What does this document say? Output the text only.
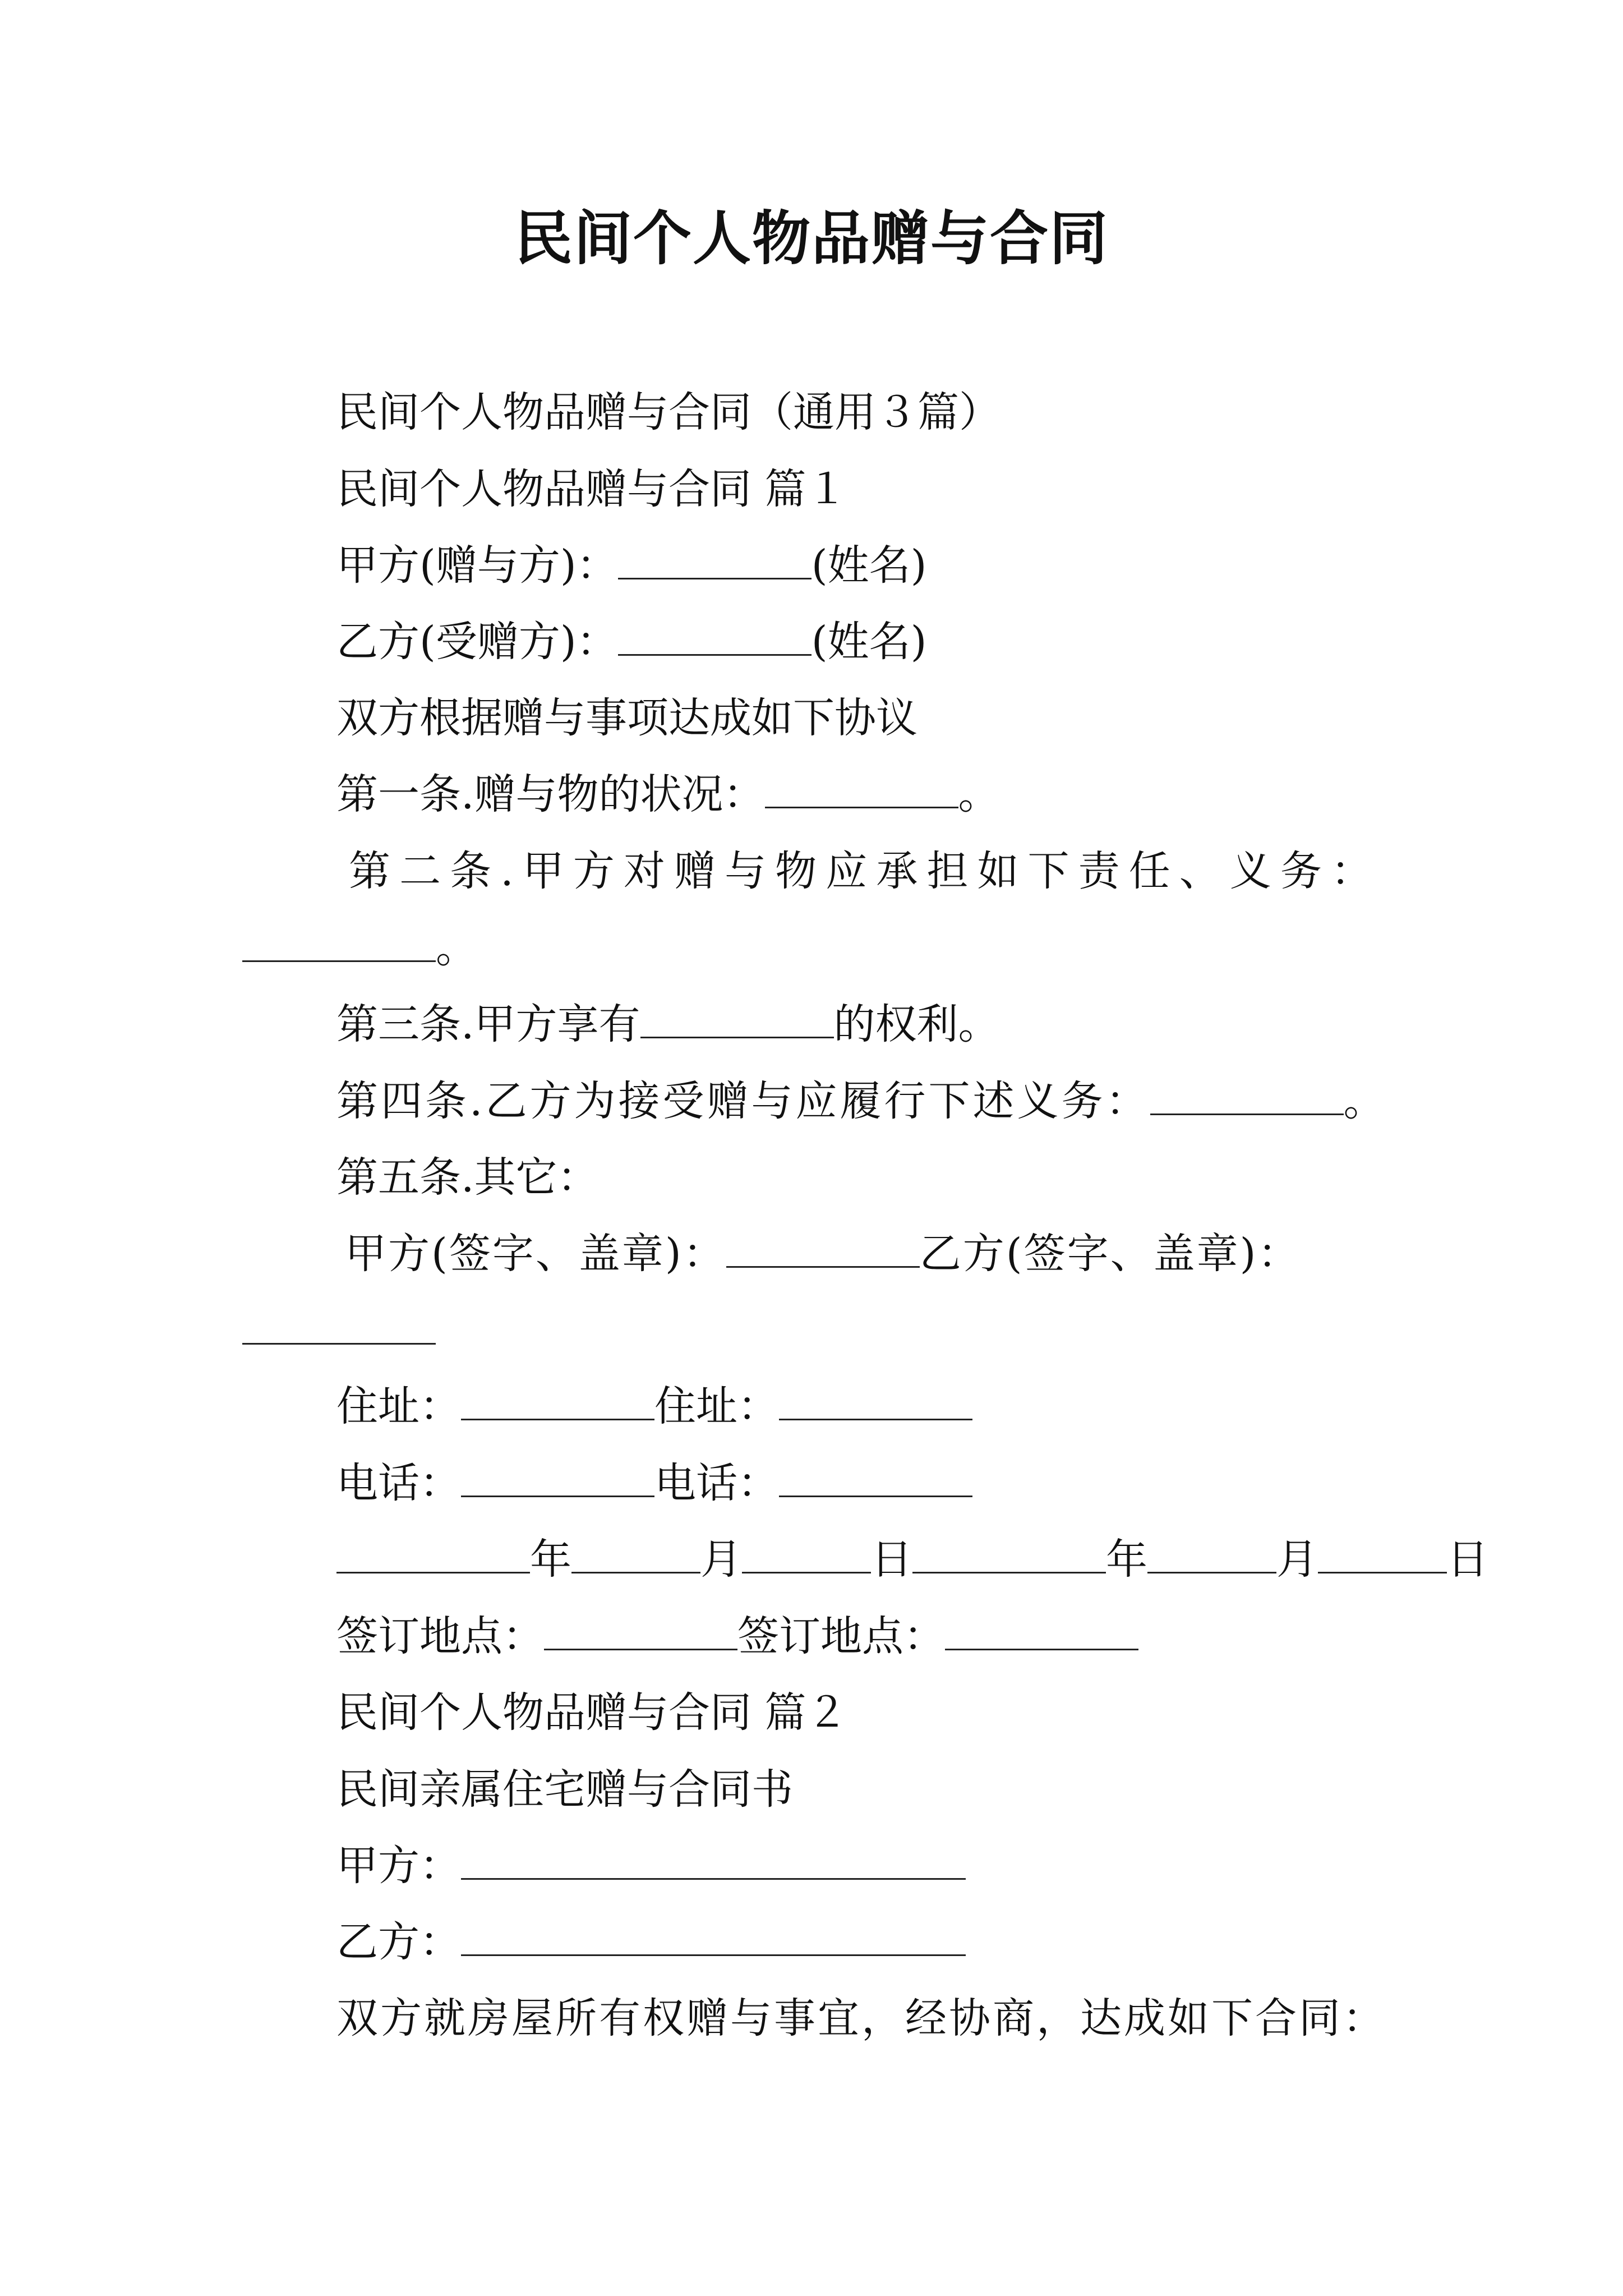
民间个人物品赠与合同
民间个人物品赠与合同（通用３篇）
民间个人物品赠与合同 篇１
甲方(赠与方)：	(姓名)
乙方(受赠方)：	(姓名)
双方根据赠与事项达成如下协议
第一条.赠与物的状况：	。
第二条.甲方对赠与物应承担如下责任、义务：
。
第三条.甲方享有	的权利。
第四条.乙方为接受赠与应履行下述义务：	。
第五条.其它：
甲方(签字、盖章)：	乙方(签字、盖章)：
住址：	住址：
电话：	电话：
年	月	日	年	月	日
签订地点：	签订地点：
民间个人物品赠与合同 篇２
民间亲属住宅赠与合同书
甲方：
乙方：
双方就房屋所有权赠与事宜，经协商，达成如下合同：
